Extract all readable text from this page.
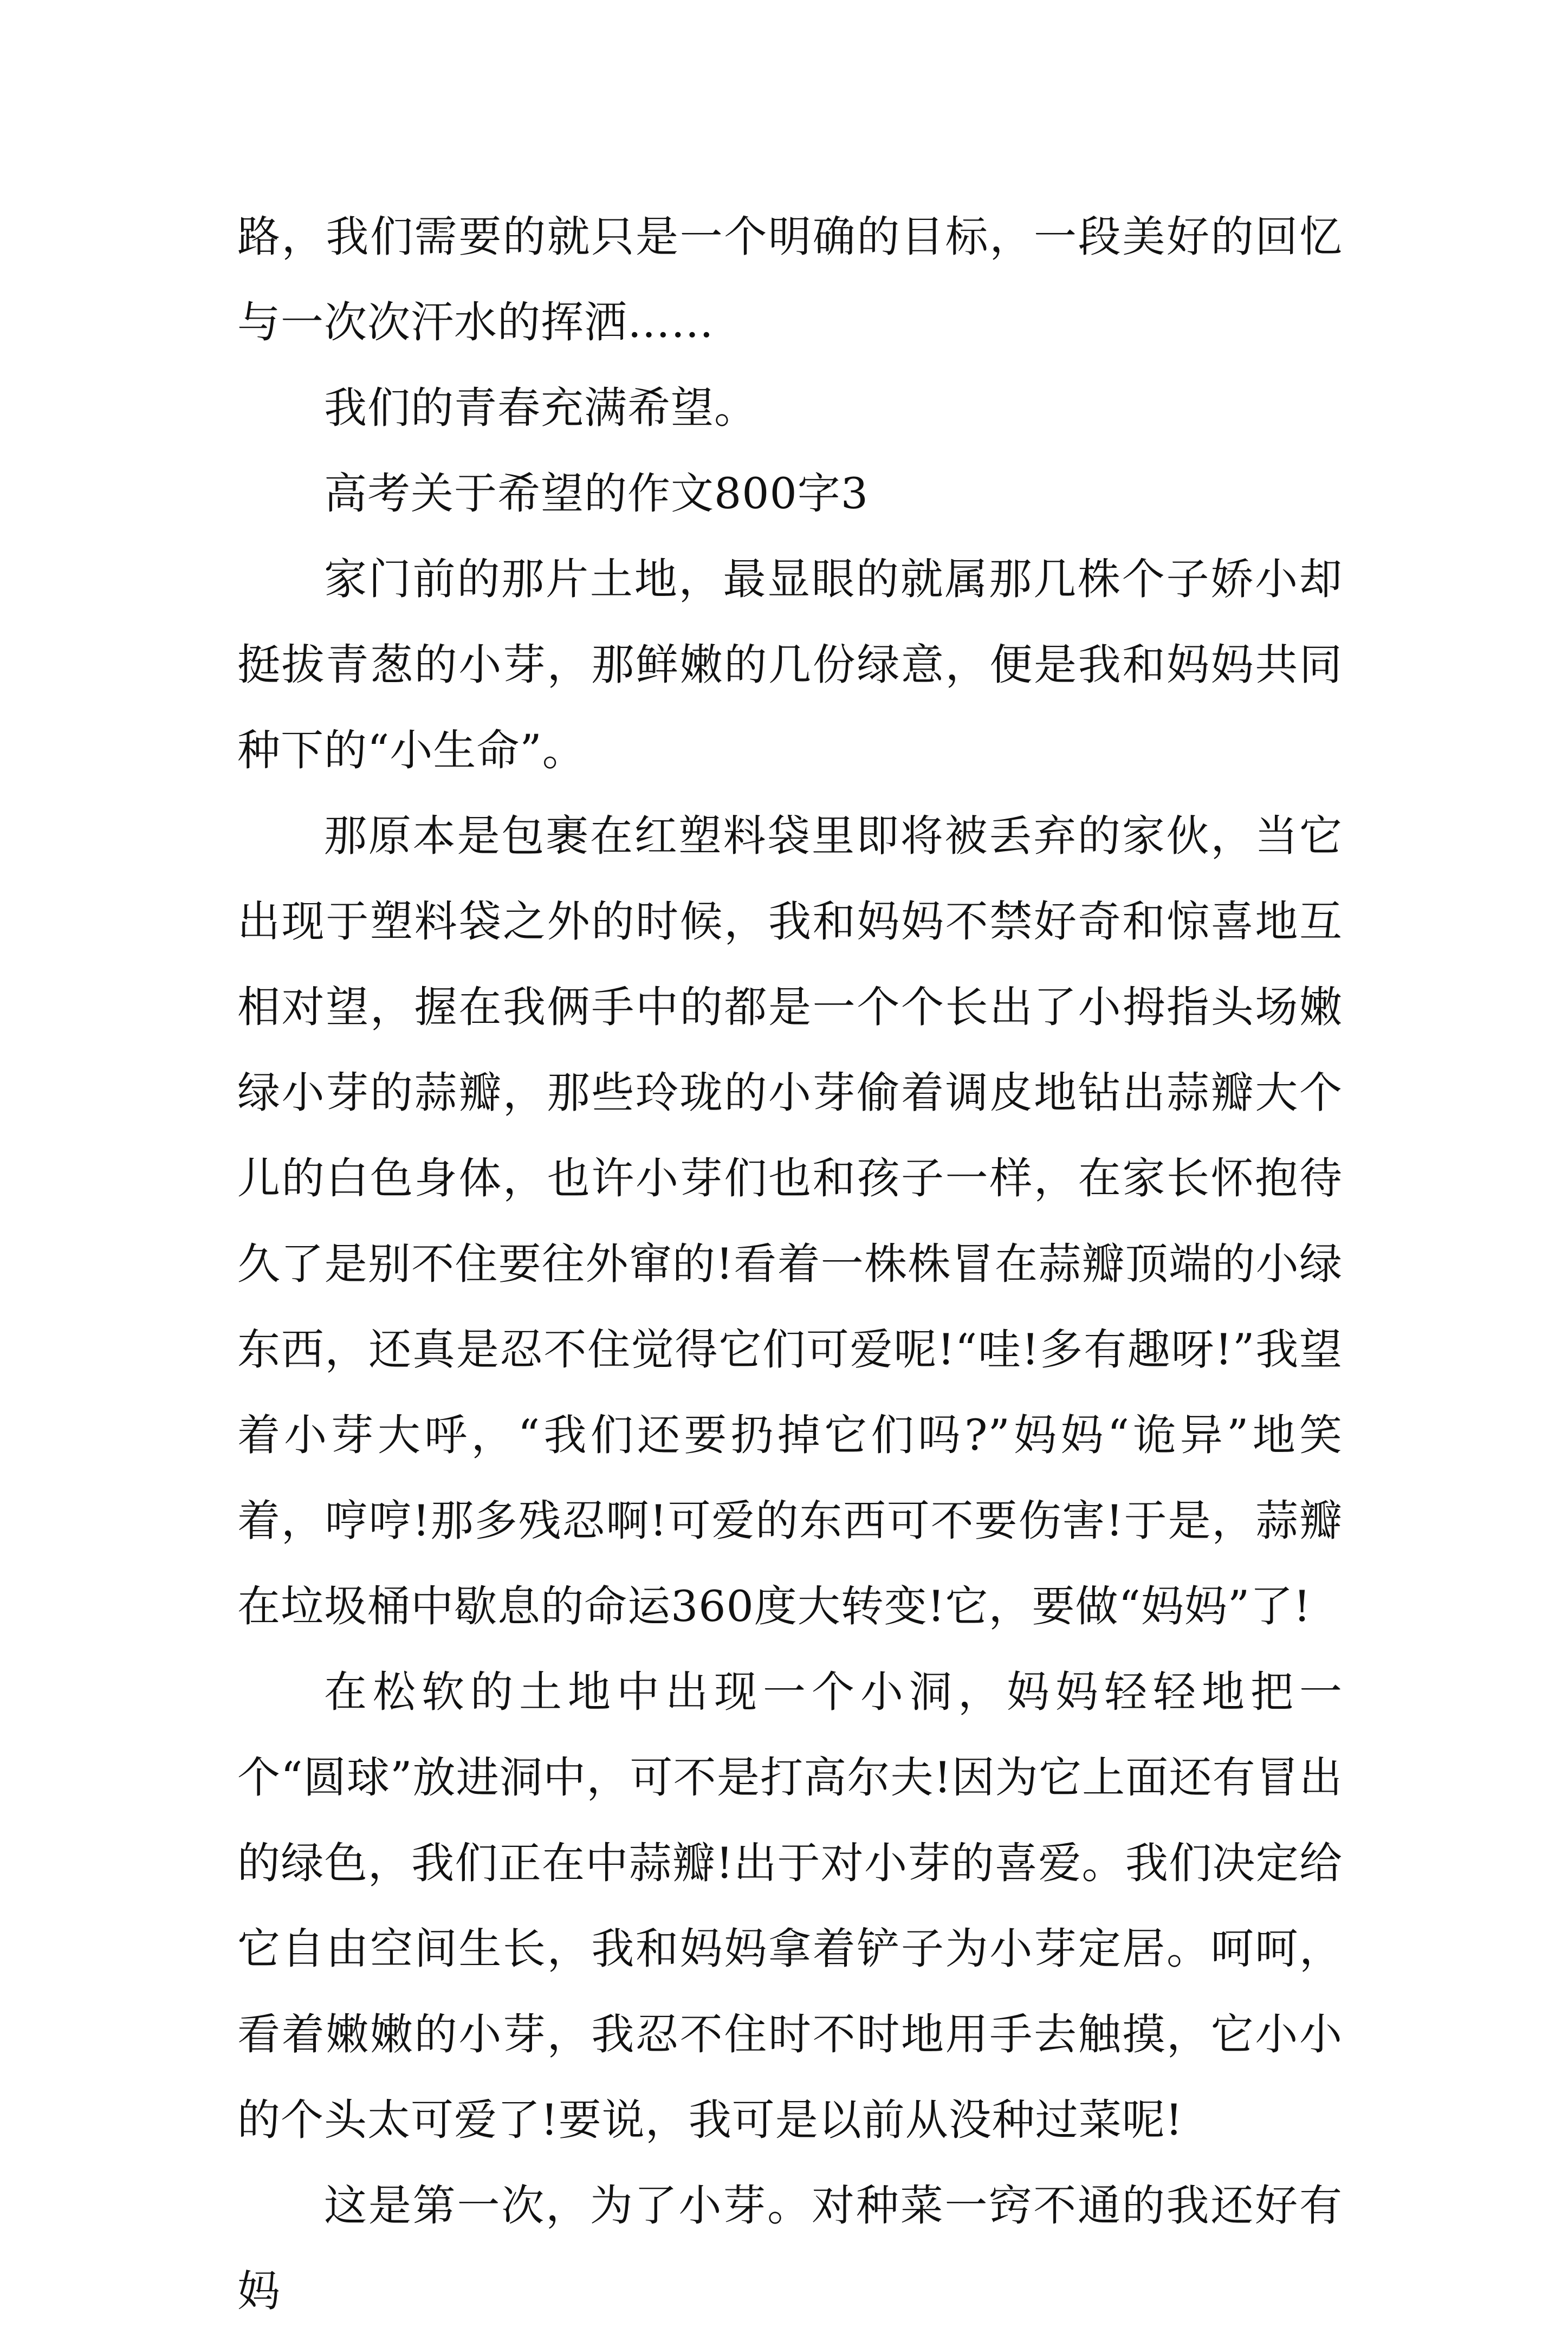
路，我们需要的就只是一个明确的目标，一段美好的回忆与一次次汗水的挥洒……

我们的青春充满希望。

高考关于希望的作文800字3

家门前的那片土地，最显眼的就属那几株个子娇小却挺拔青葱的小芽，那鲜嫩的几份绿意，便是我和妈妈共同种下的“小生命”。

那原本是包裹在红塑料袋里即将被丢弃的家伙，当它出现于塑料袋之外的时候，我和妈妈不禁好奇和惊喜地互相对望，握在我俩手中的都是一个个长出了小拇指头场嫩绿小芽的蒜瓣，那些玲珑的小芽偷着调皮地钻出蒜瓣大个儿的白色身体，也许小芽们也和孩子一样，在家长怀抱待久了是别不住要往外窜的!看着一株株冒在蒜瓣顶端的小绿东西，还真是忍不住觉得它们可爱呢!“哇!多有趣呀!”我望着小芽大呼，“我们还要扔掉它们吗?”妈妈“诡异”地笑着，哼哼!那多残忍啊!可爱的东西可不要伤害!于是，蒜瓣在垃圾桶中歇息的命运360度大转变!它，要做“妈妈”了!

在松软的土地中出现一个小洞，妈妈轻轻地把一个“圆球”放进洞中，可不是打高尔夫!因为它上面还有冒出的绿色，我们正在中蒜瓣!出于对小芽的喜爱。我们决定给它自由空间生长，我和妈妈拿着铲子为小芽定居。呵呵，看着嫩嫩的小芽，我忍不住时不时地用手去触摸，它小小的个头太可爱了!要说，我可是以前从没种过菜呢!

这是第一次，为了小芽。对种菜一窍不通的我还好有妈
